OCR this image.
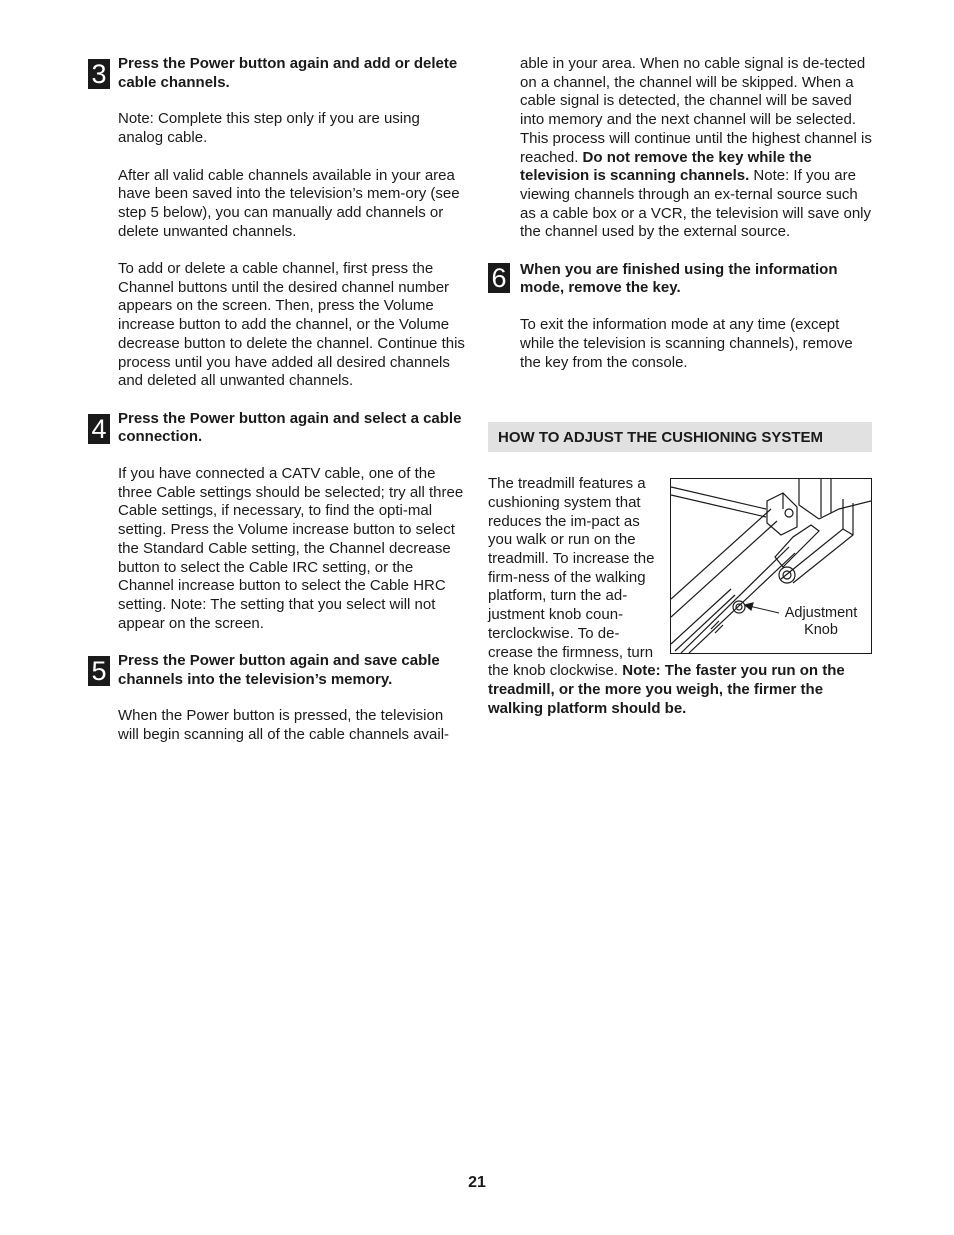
3 Press the Power button again and add or delete cable channels.

Note: Complete this step only if you are using analog cable.

After all valid cable channels available in your area have been saved into the television’s mem-ory (see step 5 below), you can manually add channels or delete unwanted channels.

To add or delete a cable channel, first press the Channel buttons until the desired channel number appears on the screen. Then, press the Volume increase button to add the channel, or the Volume decrease button to delete the channel. Continue this process until you have added all desired channels and deleted all unwanted channels.

4 Press the Power button again and select a cable connection.

If you have connected a CATV cable, one of the three Cable settings should be selected; try all three Cable settings, if necessary, to find the opti-mal setting. Press the Volume increase button to select the Standard Cable setting, the Channel decrease button to select the Cable IRC setting, or the Channel increase button to select the Cable HRC setting. Note: The setting that you select will not appear on the screen.

5 Press the Power button again and save cable channels into the television’s memory.

When the Power button is pressed, the television will begin scanning all of the cable channels avail-

able in your area. When no cable signal is de-tected on a channel, the channel will be skipped. When a cable signal is detected, the channel will be saved into memory and the next channel will be selected. This process will continue until the highest channel is reached. Do not remove the key while the television is scanning channels. Note: If you are viewing channels through an ex-ternal source such as a cable box or a VCR, the television will save only the channel used by the external source.
6 When you are finished using the information mode, remove the key.

To exit the information mode at any time (except while the television is scanning channels), remove the key from the console.

HOW TO ADJUST THE CUSHIONING SYSTEM
Adjustment Knob
The treadmill features a cushioning system that reduces the im-pact as you walk or run on the treadmill. To increase the firm-ness of the walking platform, turn the ad-justment knob coun-terclockwise. To de-crease the firmness, turn the knob clockwise. Note: The faster you run on the treadmill, or the more you weigh, the firmer the walking platform should be.
21
